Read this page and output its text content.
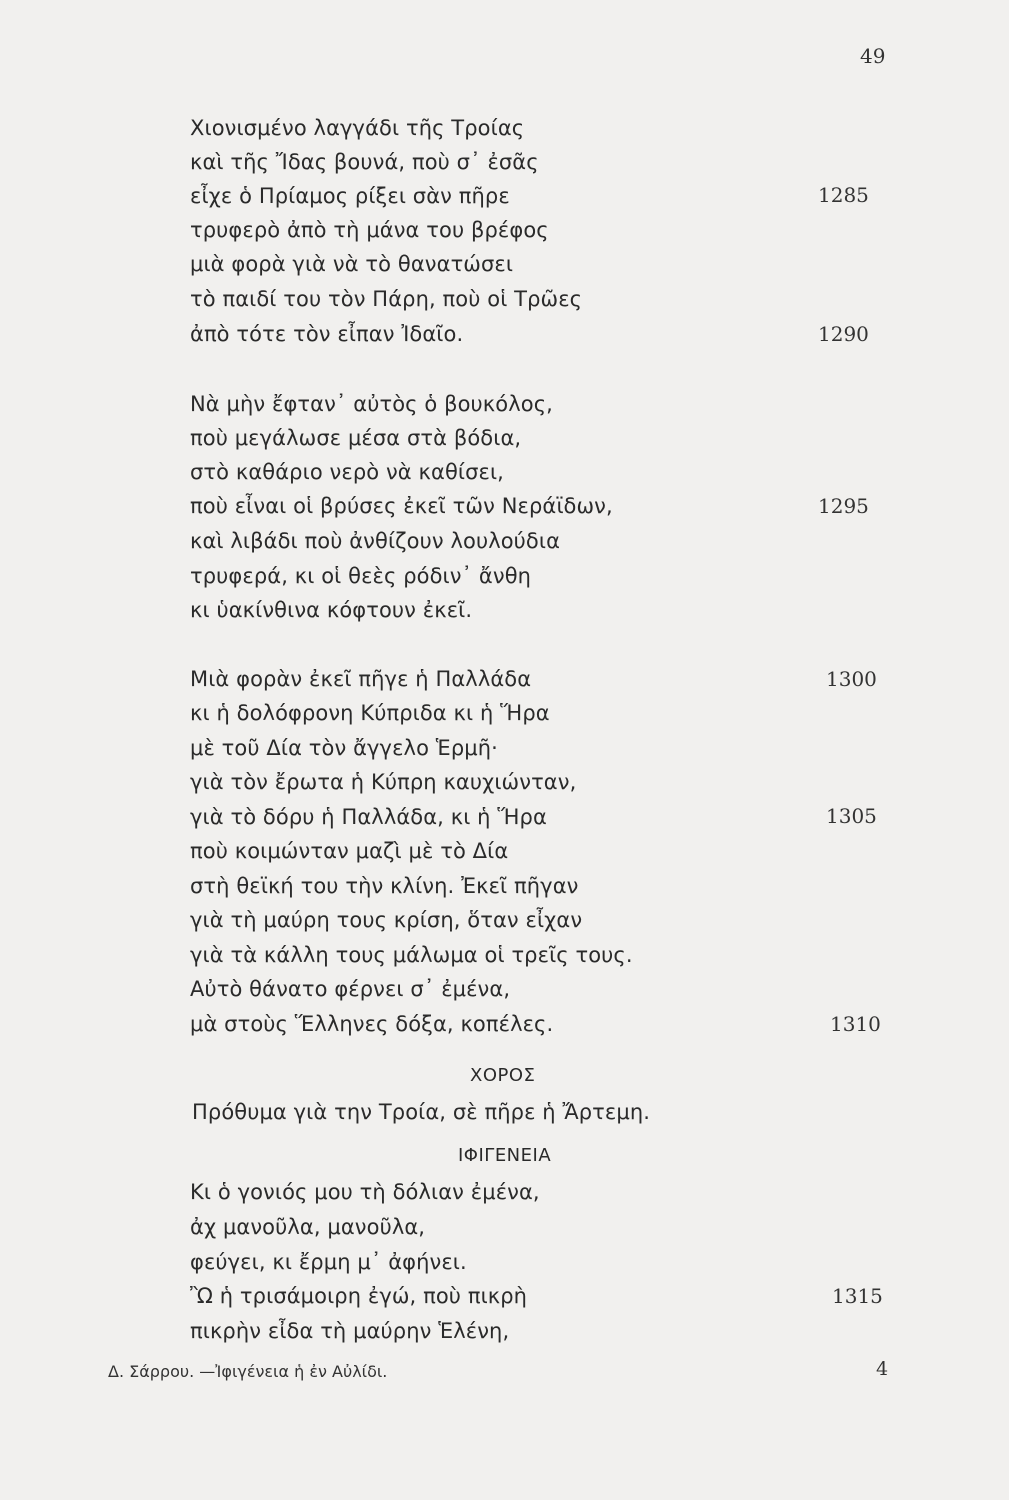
49
Χιονισμένο λαγγάδι τῆς Τροίας
καὶ τῆς Ἴδας βουνά, ποὺ σ᾽ ἐσᾶς
εἶχε ὁ Πρίαμος ρίξει σὰν πῆρε
τρυφερὸ ἀπὸ τὴ μάνα του βρέφος
μιὰ φορὰ γιὰ νὰ τὸ θανατώσει
τὸ παιδί του τὸν Πάρη, ποὺ οἱ Τρῶες
ἀπὸ τότε τὸν εἶπαν Ἰδαῖο.
Νὰ μὴν ἔφταν᾽ αὐτὸς ὁ βουκόλος,
ποὺ μεγάλωσε μέσα στὰ βόδια,
στὸ καθάριο νερὸ νὰ καθίσει,
ποὺ εἶναι οἱ βρύσες ἐκεῖ τῶν Νεράϊδων,
καὶ λιβάδι ποὺ ἀνθίζουν λουλούδια
τρυφερά, κι οἱ θεὲς ρόδιν᾽ ἄνθη
κι ὑακίνθινα κόφτουν ἐκεῖ.
Μιὰ φορὰν ἐκεῖ πῆγε ἡ Παλλάδα
κι ἡ δολόφρονη Κύπριδα κι ἡ Ἥρα
μὲ τοῦ Δία τὸν ἄγγελο Ἑρμῆ·
γιὰ τὸν ἔρωτα ἡ Κύπρη καυχιώνταν,
γιὰ τὸ δόρυ ἡ Παλλάδα, κι ἡ Ἥρα
ποὺ κοιμώνταν μαζὶ μὲ τὸ Δία
στὴ θεϊκή του τὴν κλίνη. Ἐκεῖ πῆγαν
γιὰ τὴ μαύρη τους κρίση, ὅταν εἶχαν
γιὰ τὰ κάλλη τους μάλωμα οἱ τρεῖς τους.
Αὐτὸ θάνατο φέρνει σ᾽ ἐμένα,
μὰ στοὺς Ἕλληνες δόξα, κοπέλες.
ΧΟΡΟΣ
Πρόθυμα γιὰ την Τροία, σὲ πῆρε ἡ Ἄρτεμη.
ΙΦΙΓΕΝΕΙΑ
Κι ὁ γονιός μου τὴ δόλιαν ἐμένα,
ἀχ μανοῦλα, μανοῦλα,
φεύγει, κι ἔρμη μ᾽ ἀφήνει.
Ὢ ἡ τρισάμοιρη ἐγώ, ποὺ πικρὴ
πικρὴν εἶδα τὴ μαύρην Ἑλένη,
1285
1290
1295
1300
1305
1310
1315
Δ. Σάρρου. —Ἰφιγένεια ἡ ἐν Αὐλίδι.	4
